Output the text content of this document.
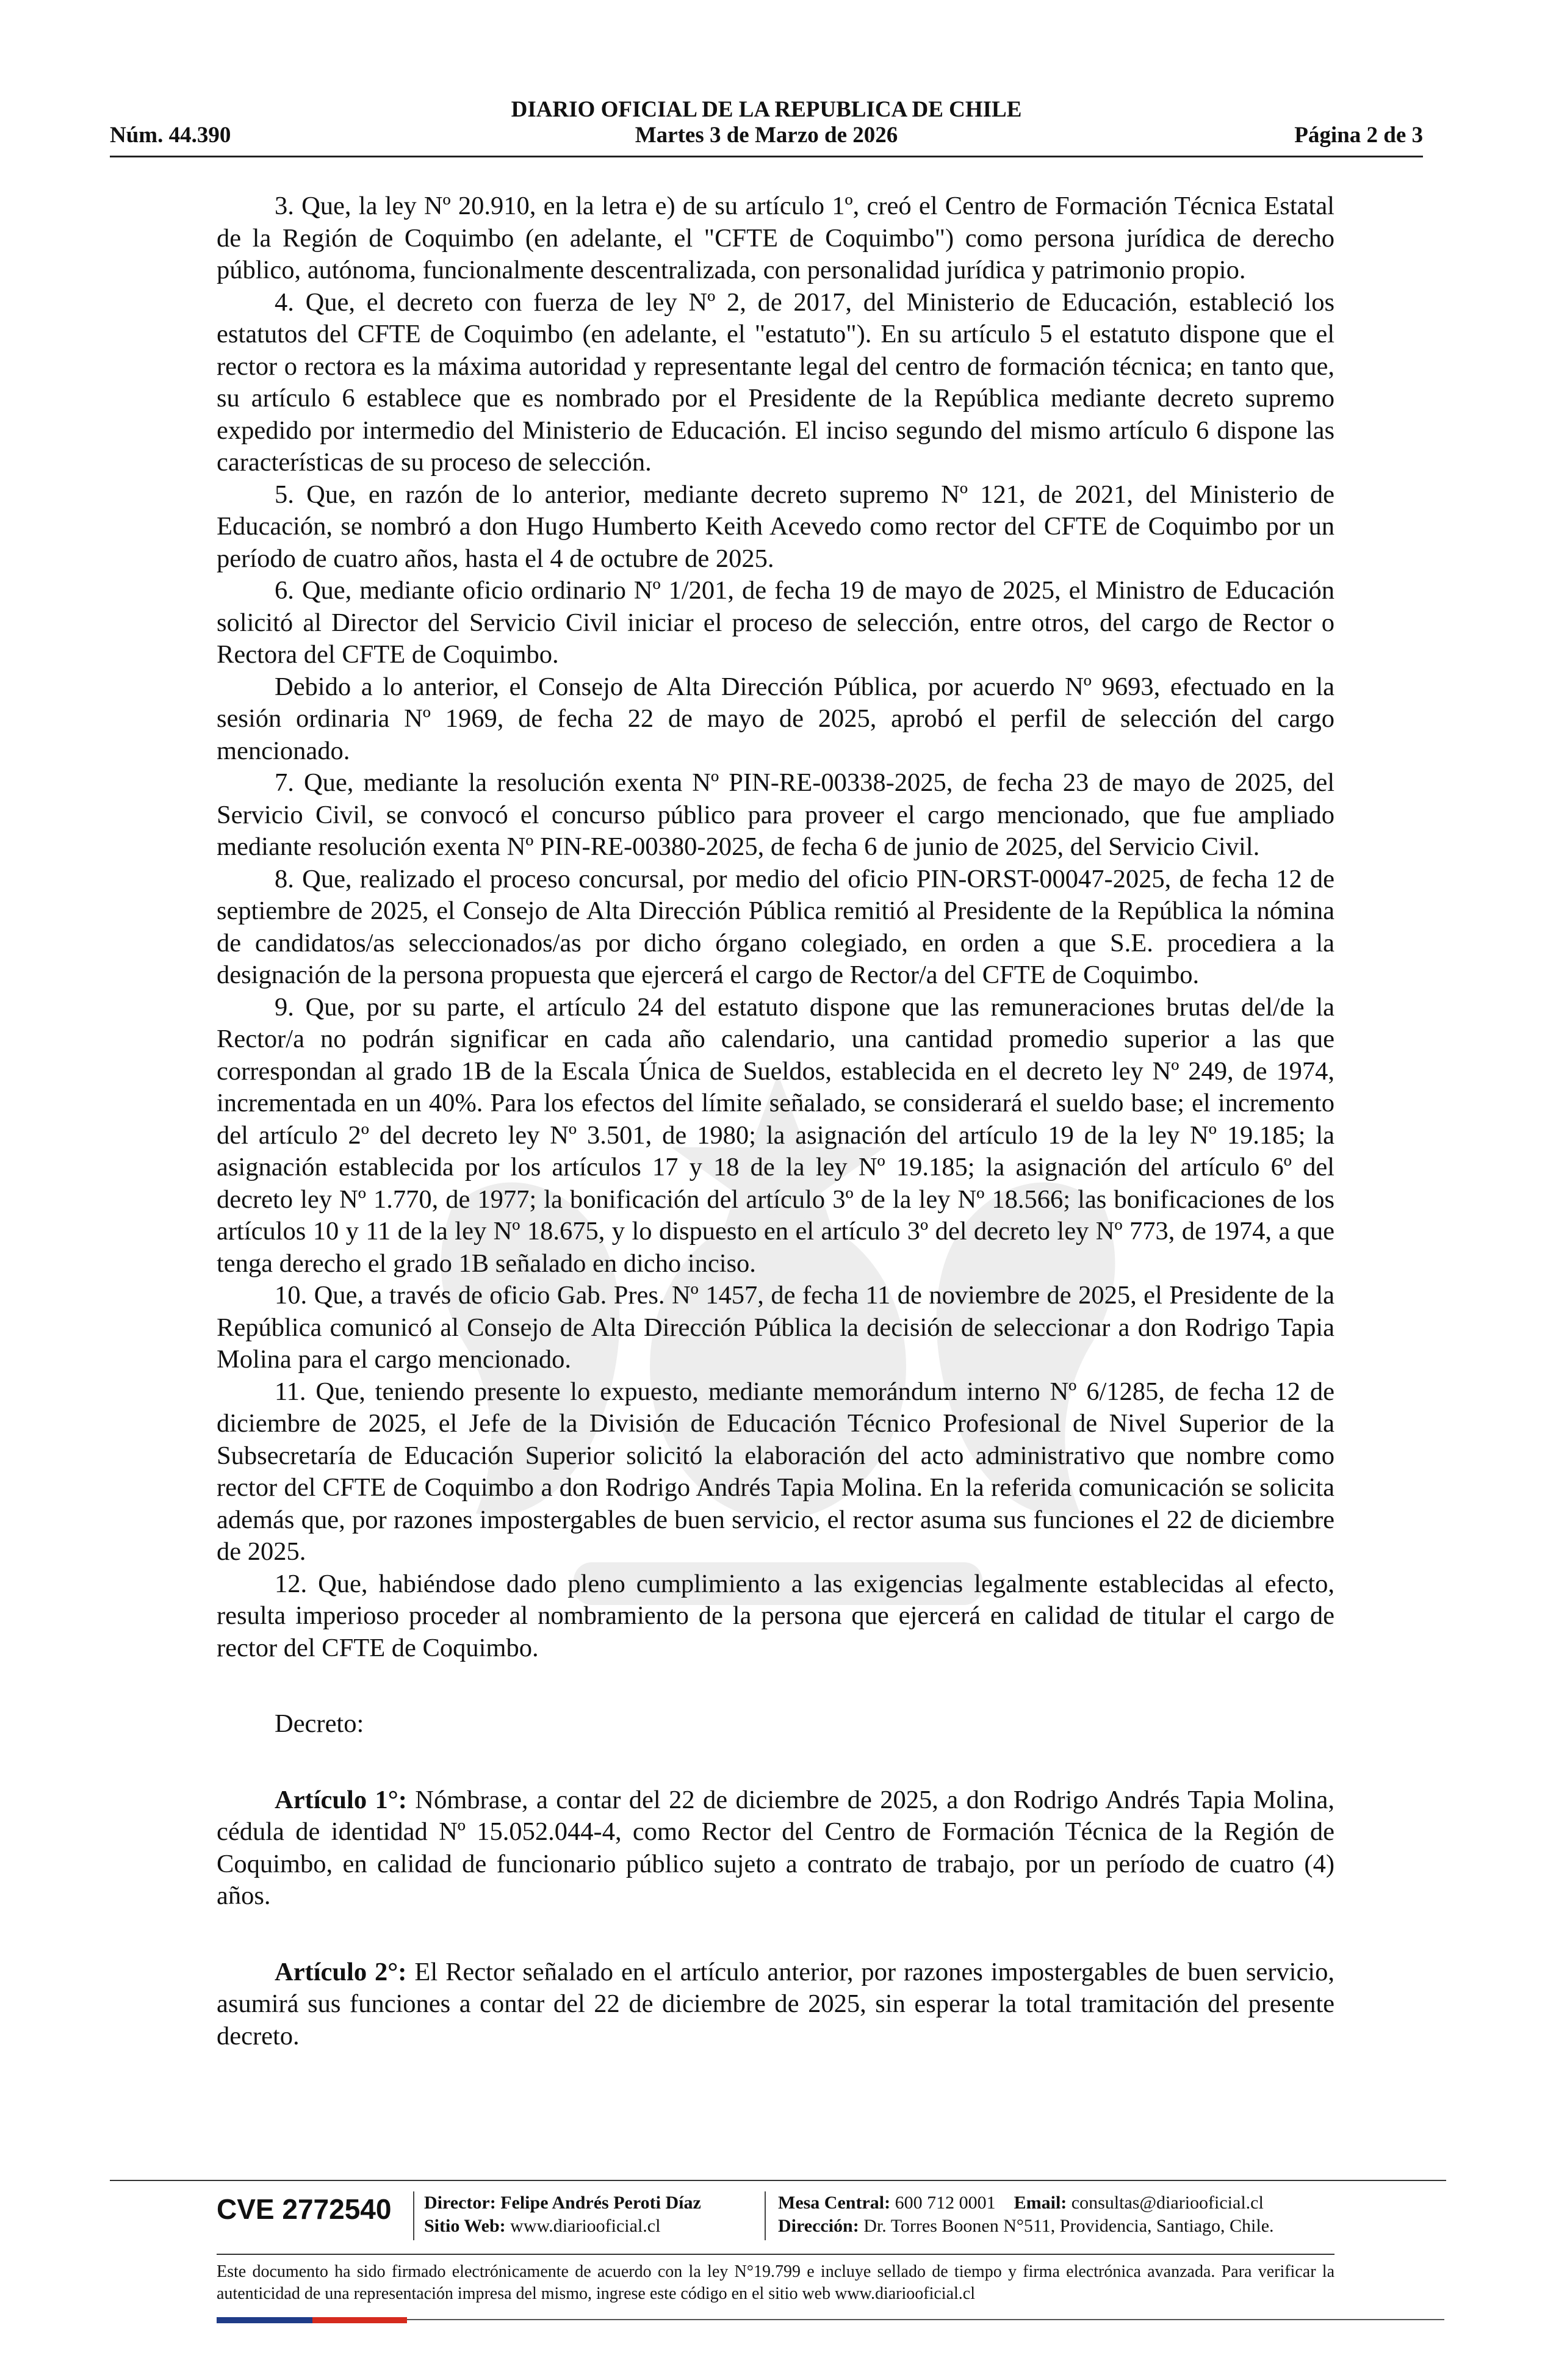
DIARIO OFICIAL DE LA REPUBLICA DE CHILE
Núm. 44.390	Martes 3 de Marzo de 2026	Página 2 de 3

3. Que, la ley Nº 20.910, en la letra e) de su artículo 1º, creó el Centro de Formación Técnica Estatal de la Región de Coquimbo (en adelante, el "CFTE de Coquimbo") como persona jurídica de derecho público, autónoma, funcionalmente descentralizada, con personalidad jurídica y patrimonio propio.

4. Que, el decreto con fuerza de ley Nº 2, de 2017, del Ministerio de Educación, estableció los estatutos del CFTE de Coquimbo (en adelante, el "estatuto"). En su artículo 5 el estatuto dispone que el rector o rectora es la máxima autoridad y representante legal del centro de formación técnica; en tanto que, su artículo 6 establece que es nombrado por el Presidente de la República mediante decreto supremo expedido por intermedio del Ministerio de Educación. El inciso segundo del mismo artículo 6 dispone las características de su proceso de selección.

5. Que, en razón de lo anterior, mediante decreto supremo Nº 121, de 2021, del Ministerio de Educación, se nombró a don Hugo Humberto Keith Acevedo como rector del CFTE de Coquimbo por un período de cuatro años, hasta el 4 de octubre de 2025.

6. Que, mediante oficio ordinario Nº 1/201, de fecha 19 de mayo de 2025, el Ministro de Educación solicitó al Director del Servicio Civil iniciar el proceso de selección, entre otros, del cargo de Rector o Rectora del CFTE de Coquimbo.

Debido a lo anterior, el Consejo de Alta Dirección Pública, por acuerdo Nº 9693, efectuado en la sesión ordinaria Nº 1969, de fecha 22 de mayo de 2025, aprobó el perfil de selección del cargo mencionado.

7. Que, mediante la resolución exenta Nº PIN-RE-00338-2025, de fecha 23 de mayo de 2025, del Servicio Civil, se convocó el concurso público para proveer el cargo mencionado, que fue ampliado mediante resolución exenta Nº PIN-RE-00380-2025, de fecha 6 de junio de 2025, del Servicio Civil.

8. Que, realizado el proceso concursal, por medio del oficio PIN-ORST-00047-2025, de fecha 12 de septiembre de 2025, el Consejo de Alta Dirección Pública remitió al Presidente de la República la nómina de candidatos/as seleccionados/as por dicho órgano colegiado, en orden a que S.E. procediera a la designación de la persona propuesta que ejercerá el cargo de Rector/a del CFTE de Coquimbo.

9. Que, por su parte, el artículo 24 del estatuto dispone que las remuneraciones brutas del/de la Rector/a no podrán significar en cada año calendario, una cantidad promedio superior a las que correspondan al grado 1B de la Escala Única de Sueldos, establecida en el decreto ley Nº 249, de 1974, incrementada en un 40%. Para los efectos del límite señalado, se considerará el sueldo base; el incremento del artículo 2º del decreto ley Nº 3.501, de 1980; la asignación del artículo 19 de la ley Nº 19.185; la asignación establecida por los artículos 17 y 18 de la ley Nº 19.185; la asignación del artículo 6º del decreto ley Nº 1.770, de 1977; la bonificación del artículo 3º de la ley Nº 18.566; las bonificaciones de los artículos 10 y 11 de la ley Nº 18.675, y lo dispuesto en el artículo 3º del decreto ley Nº 773, de 1974, a que tenga derecho el grado 1B señalado en dicho inciso.

10. Que, a través de oficio Gab. Pres. Nº 1457, de fecha 11 de noviembre de 2025, el Presidente de la República comunicó al Consejo de Alta Dirección Pública la decisión de seleccionar a don Rodrigo Tapia Molina para el cargo mencionado.

11. Que, teniendo presente lo expuesto, mediante memorándum interno Nº 6/1285, de fecha 12 de diciembre de 2025, el Jefe de la División de Educación Técnico Profesional de Nivel Superior de la Subsecretaría de Educación Superior solicitó la elaboración del acto administrativo que nombre como rector del CFTE de Coquimbo a don Rodrigo Andrés Tapia Molina. En la referida comunicación se solicita además que, por razones impostergables de buen servicio, el rector asuma sus funciones el 22 de diciembre de 2025.

12. Que, habiéndose dado pleno cumplimiento a las exigencias legalmente establecidas al efecto, resulta imperioso proceder al nombramiento de la persona que ejercerá en calidad de titular el cargo de rector del CFTE de Coquimbo.

Decreto:

Artículo 1°: Nómbrase, a contar del 22 de diciembre de 2025, a don Rodrigo Andrés Tapia Molina, cédula de identidad Nº 15.052.044-4, como Rector del Centro de Formación Técnica de la Región de Coquimbo, en calidad de funcionario público sujeto a contrato de trabajo, por un período de cuatro (4) años.

Artículo 2°: El Rector señalado en el artículo anterior, por razones impostergables de buen servicio, asumirá sus funciones a contar del 22 de diciembre de 2025, sin esperar la total tramitación del presente decreto.

CVE 2772540 Director: Felipe Andrés Peroti Díaz
Sitio Web: www.diariooficial.cl
Mesa Central: 600 712 0001 Email: consultas@diariooficial.cl
Dirección: Dr. Torres Boonen N°511, Providencia, Santiago, Chile.
Este documento ha sido firmado electrónicamente de acuerdo con la ley N°19.799 e incluye sellado de tiempo y firma electrónica avanzada. Para verificar la autenticidad de una representación impresa del mismo, ingrese este código en el sitio web www.diariooficial.cl
